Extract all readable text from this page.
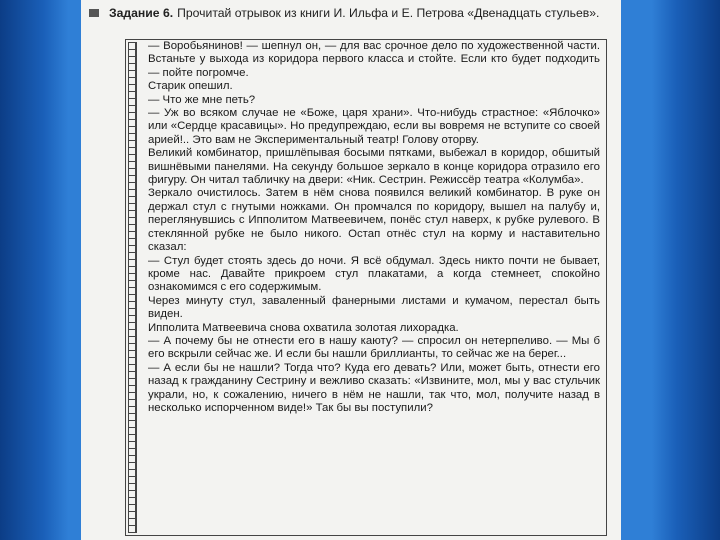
Задание 6. Прочитай отрывок из книги И. Ильфа и Е. Петрова «Двенадцать стульев».

— Воробьянинов! — шепнул он, — для вас срочное дело по художественной части. Встаньте у выхода из коридора первого класса и стойте. Если кто будет подходить — пойте погромче.

Старик опешил.

— Что же мне петь?

— Уж во всяком случае не «Боже, царя храни». Что-нибудь страстное: «Яблочко» или «Сердце красавицы». Но предупреждаю, если вы вовремя не вступите со своей арией!.. Это вам не Экспериментальный театр! Голову оторву.

Великий комбинатор, пришлёпывая босыми пятками, выбежал в коридор, обшитый вишнёвыми панелями. На секунду большое зеркало в конце коридора отразило его фигуру. Он читал табличку на двери: «Ник. Сестрин. Режиссёр театра «Колумба».

Зеркало очистилось. Затем в нём снова появился великий комбинатор. В руке он держал стул с гнутыми ножками. Он промчался по коридору, вышел на палубу и, переглянувшись с Ипполитом Матвеевичем, понёс стул наверх, к рубке рулевого. В стеклянной рубке не было никого. Остап отнёс стул на корму и наставительно сказал:

— Стул будет стоять здесь до ночи. Я всё обдумал. Здесь никто почти не бывает, кроме нас. Давайте прикроем стул плакатами, а когда стемнеет, спокойно ознакомимся с его содержимым.

Через минуту стул, заваленный фанерными листами и кумачом, перестал быть виден.

Ипполита Матвеевича снова охватила золотая лихорадка.

— А почему бы не отнести его в нашу каюту? — спросил он нетерпеливо. — Мы б его вскрыли сейчас же. И если бы нашли бриллианты, то сейчас же на берег...

— А если бы не нашли? Тогда что? Куда его девать? Или, может быть, отнести его назад к гражданину Сестрину и вежливо сказать: «Извините, мол, мы у вас стульчик украли, но, к сожалению, ничего в нём не нашли, так что, мол, получите назад в несколько испорченном виде!» Так бы вы поступили?
